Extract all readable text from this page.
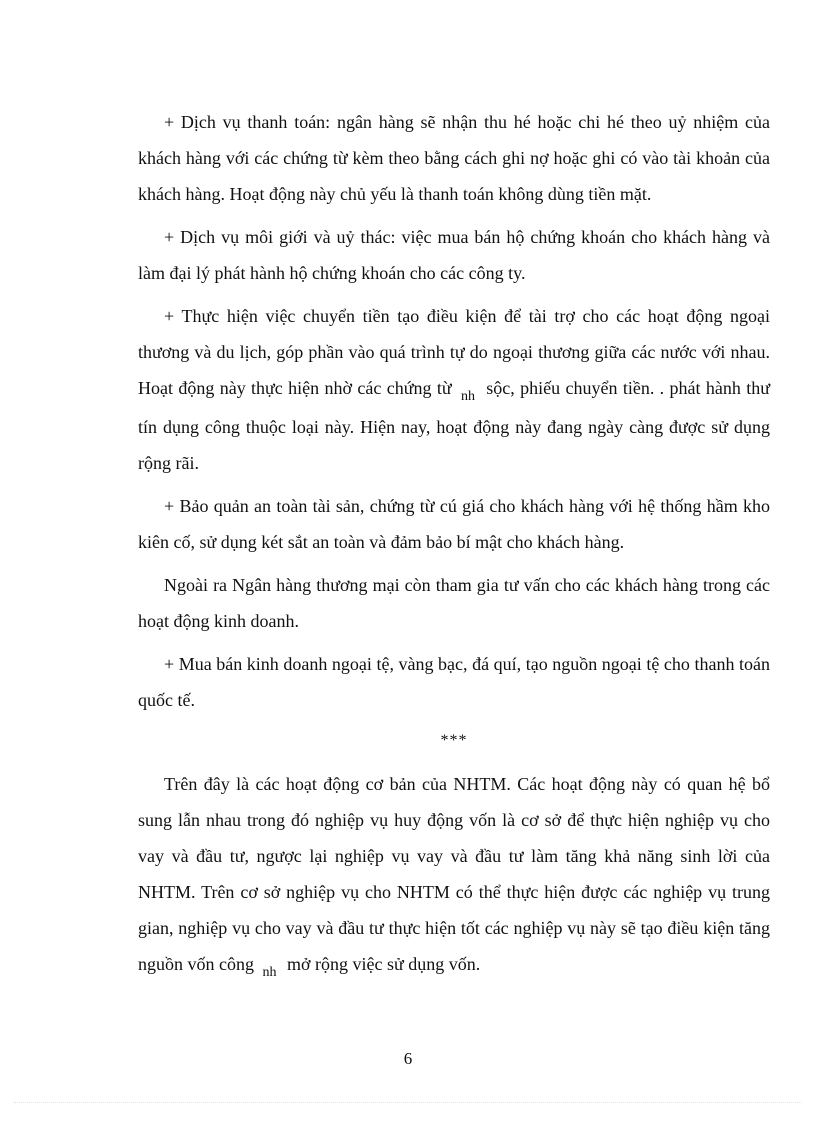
+ Dịch vụ thanh toán: ngân hàng sẽ nhận thu hé hoặc chi hé theo uỷ nhiệm của khách hàng với các chứng từ kèm theo bằng cách ghi nợ hoặc ghi có vào tài khoản của khách hàng. Hoạt động này chủ yếu là thanh toán không dùng tiền mặt.

+ Dịch vụ môi giới và uỷ thác: việc mua bán hộ chứng khoán cho khách hàng và làm đại lý phát hành hộ chứng khoán cho các công ty.

+ Thực hiện việc chuyển tiền tạo điều kiện để tài trợ cho các hoạt động ngoại thương và du lịch, góp phần vào quá trình tự do ngoại thương giữa các nước với nhau. Hoạt động này thực hiện nhờ các chứng từ $_{nh}$ sộc, phiếu chuyển tiền. . phát hành thư tín dụng công thuộc loại này. Hiện nay, hoạt động này đang ngày càng được sử dụng rộng rãi.

+ Bảo quản an toàn tài sản, chứng từ cú giá cho khách hàng với hệ thống hầm kho kiên cố, sử dụng két sắt an toàn và đảm bảo bí mật cho khách hàng.

Ngoài ra Ngân hàng thương mại còn tham gia tư vấn cho các khách hàng trong các hoạt động kinh doanh.

+ Mua bán kinh doanh ngoại tệ, vàng bạc, đá quí, tạo nguồn ngoại tệ cho thanh toán quốc tế.

***

Trên đây là các hoạt động cơ bản của NHTM. Các hoạt động này có quan hệ bổ sung lẫn nhau trong đó nghiệp vụ huy động vốn là cơ sở để thực hiện nghiệp vụ cho vay và đầu tư, ngược lại nghiệp vụ vay và đầu tư làm tăng khả năng sinh lời của NHTM. Trên cơ sở nghiệp vụ cho NHTM có thể thực hiện được các nghiệp vụ trung gian, nghiệp vụ cho vay và đầu tư thực hiện tốt các nghiệp vụ này sẽ tạo điều kiện tăng nguồn vốn công $_{nh}$ mở rộng việc sử dụng vốn.

6
